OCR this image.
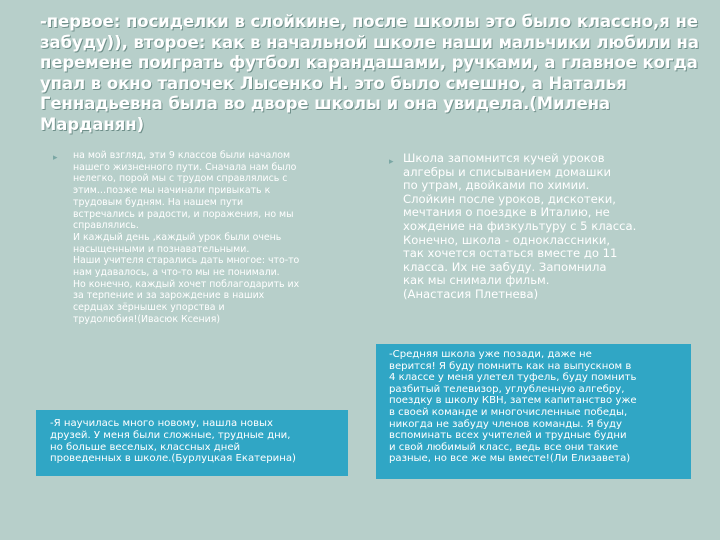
-первое: посиделки в слойкине, после школы это было классно,я не
забуду)), второе: как в начальной школе наши мальчики любили на
перемене поиграть футбол карандашами, ручками, а главное когда
упал в окно тапочек Лысенко Н. это было смешно, а Наталья
Геннадьевна была во дворе школы и она увидела.(Милена Марданян)
▸ на мой взгляд, эти 9 классов были началом
нашего жизненного пути. Сначала нам было
нелегко, порой мы с трудом справлялись с
этим…позже мы начинали привыкать к
трудовым будням. На нашем пути
встречались и радости, и поражения, но мы
справлялись.
И каждый день ,каждый урок были очень
насыщенными и познавательными.
Наши учителя старались дать многое: что-то
нам удавалось, а что-то мы не понимали.
Но конечно, каждый хочет поблагодарить их
за терпение и за зарождение в наших
сердцах зёрнышек упорства и
трудолюбия!(Ивасюк Ксения)
▸ Школа запомнится кучей уроков
алгебры и списыванием домашки
по утрам, двойками по химии.
Слойкин после уроков, дискотеки,
мечтания о поездке в Италию, не
хождение на физкультуру с 5 класса.
Конечно, школа - одноклассники,
так хочется остаться вместе до 11
класса. Их не забуду. Запомнила
как мы снимали фильм.
(Анастасия Плетнева)
-Я научилась много новому, нашла новых
друзей. У меня были сложные, трудные дни,
но больше веселых, классных дней
проведенных в школе.(Бурлуцкая Екатерина)
-Средняя школа уже позади, даже не
верится! Я буду помнить как на выпускном в
4 классе у меня улетел туфель, буду помнить
разбитый телевизор, углубленную алгебру,
поездку в школу КВН, затем капитанство уже
в своей команде и многочисленные победы,
никогда не забуду членов команды. Я буду
вспоминать всех учителей и трудные будни
и свой любимый класс, ведь все они такие
разные, но все же мы вместе!(Ли Елизавета)
